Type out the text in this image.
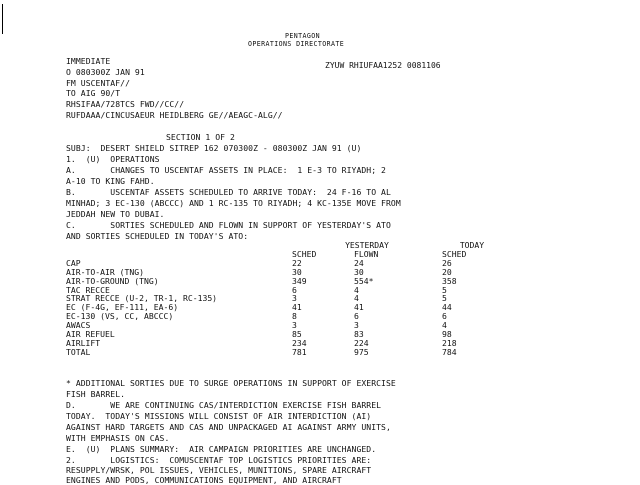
PENTAGON
OPERATIONS DIRECTORATE
IMMEDIATE	ZYUW RHIUFAA1252 0081106
O 080300Z JAN 91
FM USCENTAF//
TO AIG 90/T
RHSIFAA/728TCS FWD//CC//
RUFDAAA/CINCUSAEUR HEIDLBERG GE//AEAGC-ALG//
SECTION 1 OF 2
SUBJ:  DESERT SHIELD SITREP 162 070300Z - 080300Z JAN 91 (U)
1.  (U)  OPERATIONS
A.       CHANGES TO USCENTAF ASSETS IN PLACE:  1 E-3 TO RIYADH; 2
A-10 TO KING FAHD.
B.       USCENTAF ASSETS SCHEDULED TO ARRIVE TODAY:  24 F-16 TO AL
MINHAD; 3 EC-130 (ABCCC) AND 1 RC-135 TO RIYADH; 4 KC-135E MOVE FROM
JEDDAH NEW TO DUBAI.
C.       SORTIES SCHEDULED AND FLOWN IN SUPPORT OF YESTERDAY'S ATO
AND SORTIES SCHEDULED IN TODAY'S ATO:
	YESTERDAY		TODAY
	SCHED	FLOWN	SCHED
CAP	22	24	26
AIR-TO-AIR (TNG)	30	30	20
AIR-TO-GROUND (TNG)	349	554*	358
TAC RECCE	6	4	5
STRAT RECCE (U-2, TR-1, RC-135)	3	4	5
EC (F-4G, EF-111, EA-6)	41	41	44
EC-130 (VS, CC, ABCCC)	8	6	6
AWACS	3	3	4
AIR REFUEL	85	83	98
AIRLIFT	234	224	218
TOTAL	781	975	784
* ADDITIONAL SORTIES DUE TO SURGE OPERATIONS IN SUPPORT OF EXERCISE
FISH BARREL.
D.       WE ARE CONTINUING CAS/INTERDICTION EXERCISE FISH BARREL
TODAY.  TODAY'S MISSIONS WILL CONSIST OF AIR INTERDICTION (AI)
AGAINST HARD TARGETS AND CAS AND UNPACKAGED AI AGAINST ARMY UNITS,
WITH EMPHASIS ON CAS.
E.  (U)  PLANS SUMMARY:  AIR CAMPAIGN PRIORITIES ARE UNCHANGED.
2.       LOGISTICS:  COMUSCENTAF TOP LOGISTICS PRIORITIES ARE:
RESUPPLY/WRSK, POL ISSUES, VEHICLES, MUNITIONS, SPARE AIRCRAFT
ENGINES AND PODS, COMMUNICATIONS EQUIPMENT, AND AIRCRAFT
